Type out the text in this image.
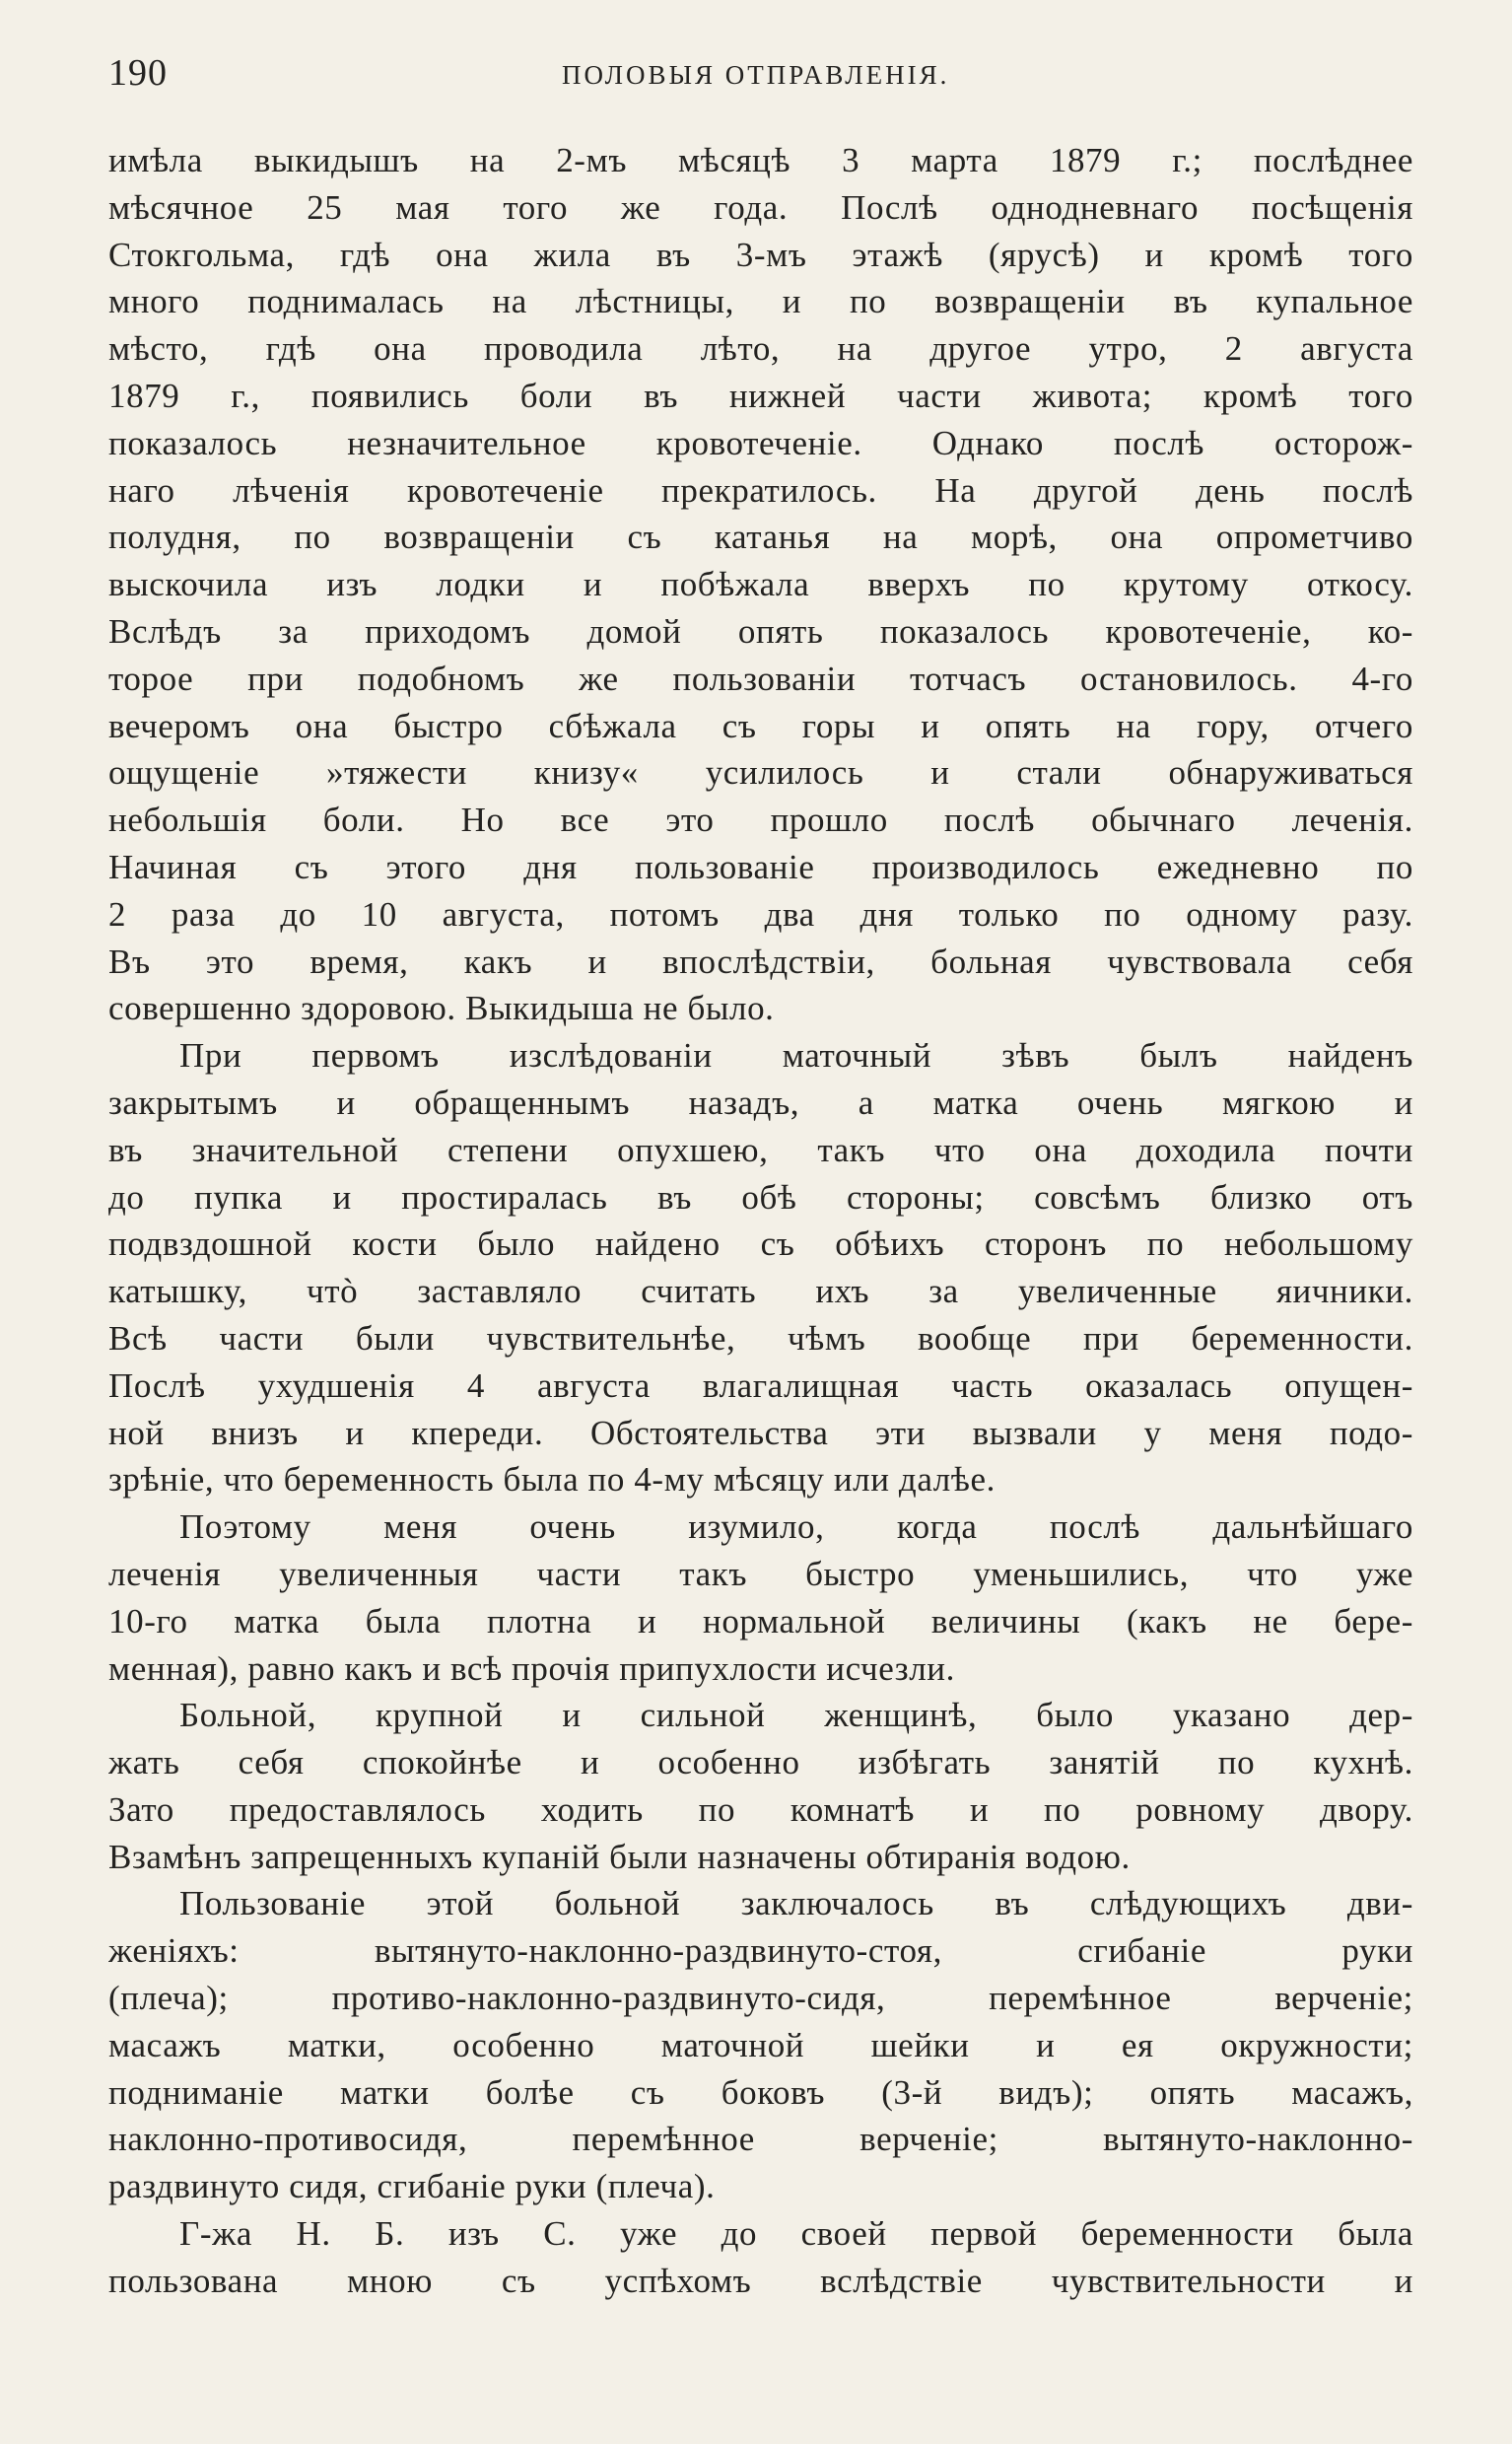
190	ПОЛОВЫЯ ОТПРАВЛЕНІЯ.
имѣла выкидышъ на 2-мъ мѣсяцѣ 3 марта 1879 г.; послѣднее
мѣсячное 25 мая того же года. Послѣ однодневнаго посѣщенія
Стокгольма, гдѣ она жила въ 3-мъ этажѣ (ярусѣ) и кромѣ того
много поднималась на лѣстницы, и по возвращеніи въ купальное
мѣсто, гдѣ она проводила лѣто, на другое утро, 2 августа
1879 г., появились боли въ нижней части живота; кромѣ того
показалось незначительное кровотеченіе. Однако послѣ осторож-
наго лѣченія кровотеченіе прекратилось. На другой день послѣ
полудня, по возвращеніи съ катанья на морѣ, она опрометчиво
выскочила изъ лодки и побѣжала вверхъ по крутому откосу.
Вслѣдъ за приходомъ домой опять показалось кровотеченіе, ко-
торое при подобномъ же пользованіи тотчасъ остановилось. 4-го
вечеромъ она быстро сбѣжала съ горы и опять на гору, отчего
ощущеніе »тяжести книзу« усилилось и стали обнаруживаться
небольшія боли. Но все это прошло послѣ обычнаго леченія.
Начиная съ этого дня пользованіе производилось ежедневно по
2 раза до 10 августа, потомъ два дня только по одному разу.
Въ это время, какъ и впослѣдствіи, больная чувствовала себя
совершенно здоровою. Выкидыша не было.
При первомъ изслѣдованіи маточный зѣвъ былъ найденъ
закрытымъ и обращеннымъ назадъ, а матка очень мягкою и
въ значительной степени опухшею, такъ что она доходила почти
до пупка и простиралась въ обѣ стороны; совсѣмъ близко отъ
подвздошной кости было найдено съ обѣихъ сторонъ по небольшому
катышку, чтò заставляло считать ихъ за увеличенные яичники.
Всѣ части были чувствительнѣе, чѣмъ вообще при беременности.
Послѣ ухудшенія 4 августа влагалищная часть оказалась опущен-
ной внизъ и кпереди. Обстоятельства эти вызвали у меня подо-
зрѣніе, что беременность была по 4-му мѣсяцу или далѣе.
Поэтому меня очень изумило, когда послѣ дальнѣйшаго
леченія увеличенныя части такъ быстро уменьшились, что уже
10-го матка была плотна и нормальной величины (какъ не бере-
менная), равно какъ и всѣ прочія припухлости исчезли.
Больной, крупной и сильной женщинѣ, было указано дер-
жать себя спокойнѣе и особенно избѣгать занятій по кухнѣ.
Зато предоставлялось ходить по комнатѣ и по ровному двору.
Взамѣнъ запрещенныхъ купаній были назначены обтиранія водою.
Пользованіе этой больной заключалось въ слѣдующихъ дви-
женіяхъ: вытянуто-наклонно-раздвинуто-стоя, сгибаніе руки
(плеча); противо-наклонно-раздвинуто-сидя, перемѣнное верченіе;
масажъ матки, особенно маточной шейки и ея окружности;
подниманіе матки болѣе съ боковъ (3-й видъ); опять масажъ,
наклонно-противосидя, перемѣнное верченіе; вытянуто-наклонно-
раздвинуто сидя, сгибаніе руки (плеча).
Г-жа Н. Б. изъ С. уже до своей первой беременности была
пользована мною съ успѣхомъ вслѣдствіе чувствительности и
